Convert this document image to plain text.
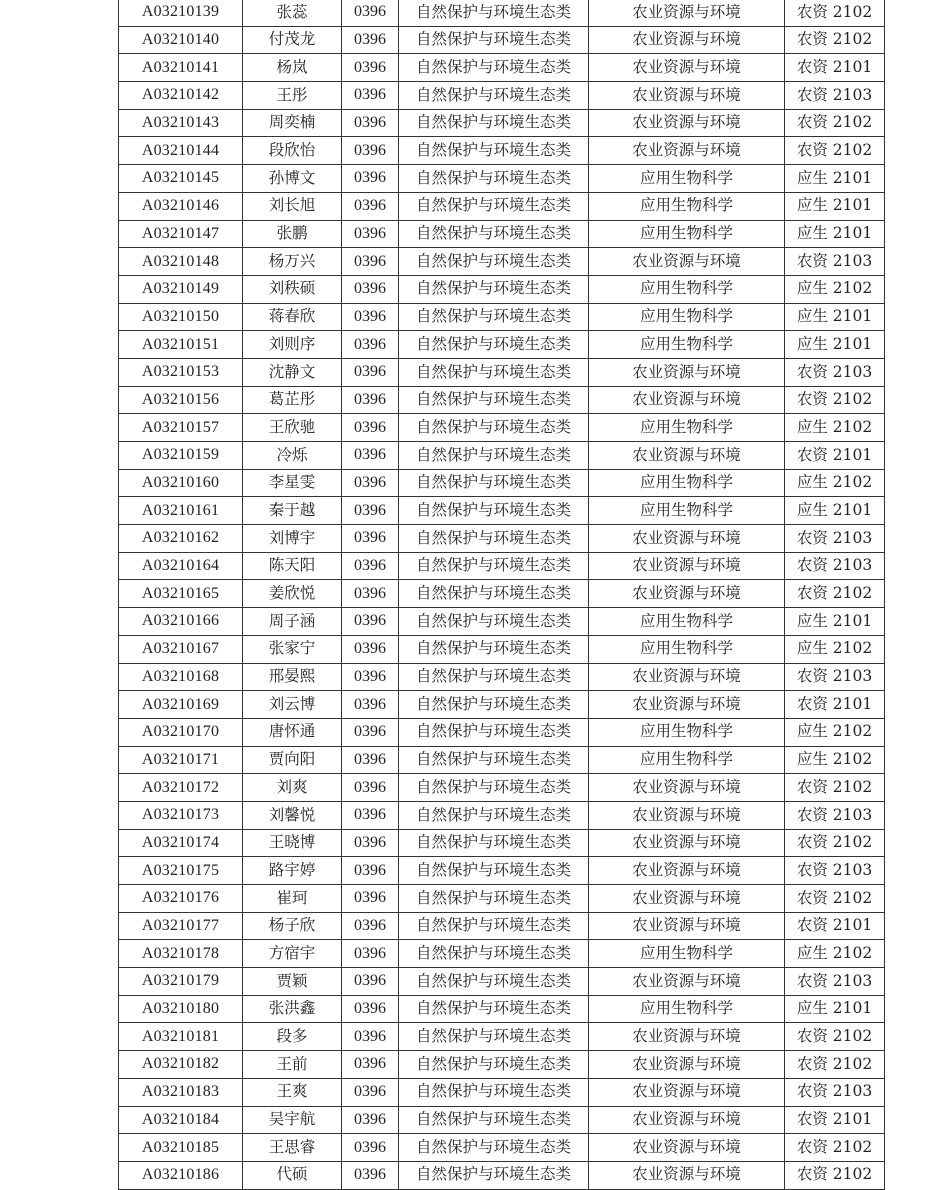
A03210139	张蕊	0396	自然保护与环境生态类	农业资源与环境	农资 2102
A03210140	付茂龙	0396	自然保护与环境生态类	农业资源与环境	农资 2102
A03210141	杨岚	0396	自然保护与环境生态类	农业资源与环境	农资 2101
A03210142	王彤	0396	自然保护与环境生态类	农业资源与环境	农资 2103
A03210143	周奕楠	0396	自然保护与环境生态类	农业资源与环境	农资 2102
A03210144	段欣怡	0396	自然保护与环境生态类	农业资源与环境	农资 2102
A03210145	孙博文	0396	自然保护与环境生态类	应用生物科学	应生 2101
A03210146	刘长旭	0396	自然保护与环境生态类	应用生物科学	应生 2101
A03210147	张鹏	0396	自然保护与环境生态类	应用生物科学	应生 2101
A03210148	杨万兴	0396	自然保护与环境生态类	农业资源与环境	农资 2103
A03210149	刘秩硕	0396	自然保护与环境生态类	应用生物科学	应生 2102
A03210150	蒋春欣	0396	自然保护与环境生态类	应用生物科学	应生 2101
A03210151	刘则序	0396	自然保护与环境生态类	应用生物科学	应生 2101
A03210153	沈静文	0396	自然保护与环境生态类	农业资源与环境	农资 2103
A03210156	葛芷彤	0396	自然保护与环境生态类	农业资源与环境	农资 2102
A03210157	王欣驰	0396	自然保护与环境生态类	应用生物科学	应生 2102
A03210159	冷烁	0396	自然保护与环境生态类	农业资源与环境	农资 2101
A03210160	李星雯	0396	自然保护与环境生态类	应用生物科学	应生 2102
A03210161	秦于越	0396	自然保护与环境生态类	应用生物科学	应生 2101
A03210162	刘博宇	0396	自然保护与环境生态类	农业资源与环境	农资 2103
A03210164	陈天阳	0396	自然保护与环境生态类	农业资源与环境	农资 2103
A03210165	姜欣悦	0396	自然保护与环境生态类	农业资源与环境	农资 2102
A03210166	周子涵	0396	自然保护与环境生态类	应用生物科学	应生 2101
A03210167	张家宁	0396	自然保护与环境生态类	应用生物科学	应生 2102
A03210168	邢晏熙	0396	自然保护与环境生态类	农业资源与环境	农资 2103
A03210169	刘云博	0396	自然保护与环境生态类	农业资源与环境	农资 2101
A03210170	唐怀通	0396	自然保护与环境生态类	应用生物科学	应生 2102
A03210171	贾向阳	0396	自然保护与环境生态类	应用生物科学	应生 2102
A03210172	刘爽	0396	自然保护与环境生态类	农业资源与环境	农资 2102
A03210173	刘馨悦	0396	自然保护与环境生态类	农业资源与环境	农资 2103
A03210174	王晓博	0396	自然保护与环境生态类	农业资源与环境	农资 2102
A03210175	路宇婷	0396	自然保护与环境生态类	农业资源与环境	农资 2103
A03210176	崔珂	0396	自然保护与环境生态类	农业资源与环境	农资 2102
A03210177	杨子欣	0396	自然保护与环境生态类	农业资源与环境	农资 2101
A03210178	方宿宇	0396	自然保护与环境生态类	应用生物科学	应生 2102
A03210179	贾颖	0396	自然保护与环境生态类	农业资源与环境	农资 2103
A03210180	张洪鑫	0396	自然保护与环境生态类	应用生物科学	应生 2101
A03210181	段多	0396	自然保护与环境生态类	农业资源与环境	农资 2102
A03210182	王前	0396	自然保护与环境生态类	农业资源与环境	农资 2102
A03210183	王爽	0396	自然保护与环境生态类	农业资源与环境	农资 2103
A03210184	吴宇航	0396	自然保护与环境生态类	农业资源与环境	农资 2101
A03210185	王思睿	0396	自然保护与环境生态类	农业资源与环境	农资 2102
A03210186	代硕	0396	自然保护与环境生态类	农业资源与环境	农资 2102
